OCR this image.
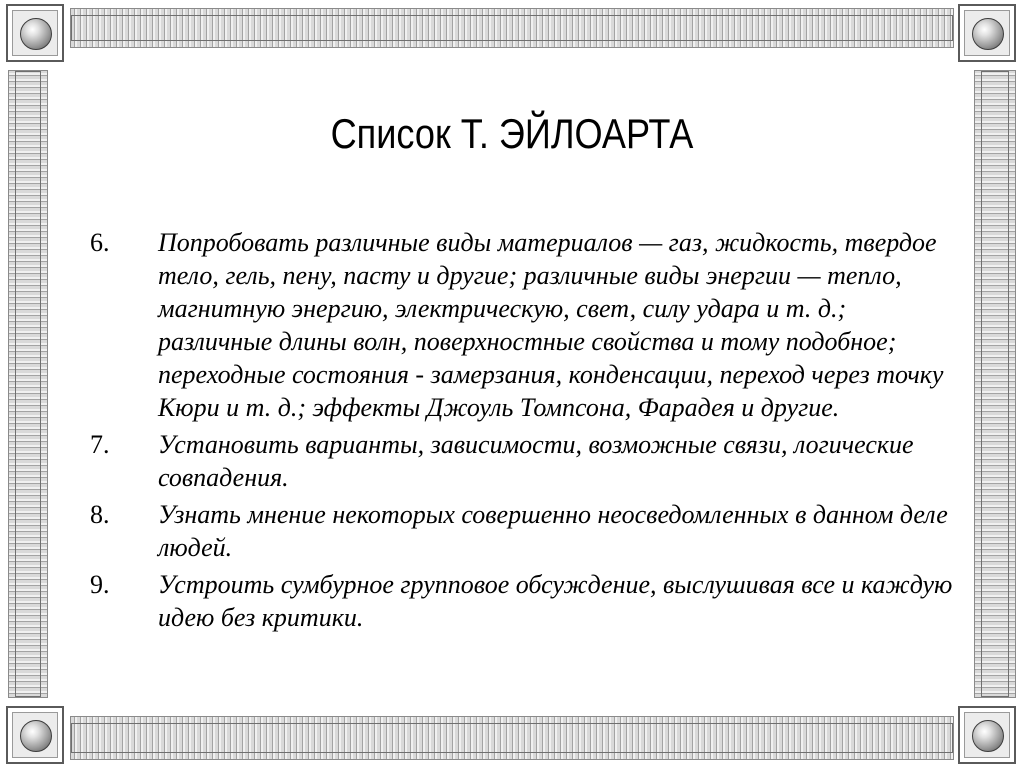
Список Т. ЭЙЛОАРТА
6. Попробовать различные виды материалов — газ, жидкость, твердое тело, гель, пену, пасту и другие; различные виды энергии — тепло, магнитную энергию, электрическую, свет, силу удара и т. д.; различные длины волн, поверхностные свойства и тому подобное; переходные состояния - замерзания, конденсации, переход через точку Кюри и т. д.; эффекты Джоуль Томпсона, Фарадея и другие.
7. Установить варианты, зависимости, возможные связи, логические совпадения.
8. Узнать мнение некоторых совершенно неосведомленных в данном деле людей.
9. Устроить сумбурное групповое обсуждение, выслушивая все и каждую идею без критики.
